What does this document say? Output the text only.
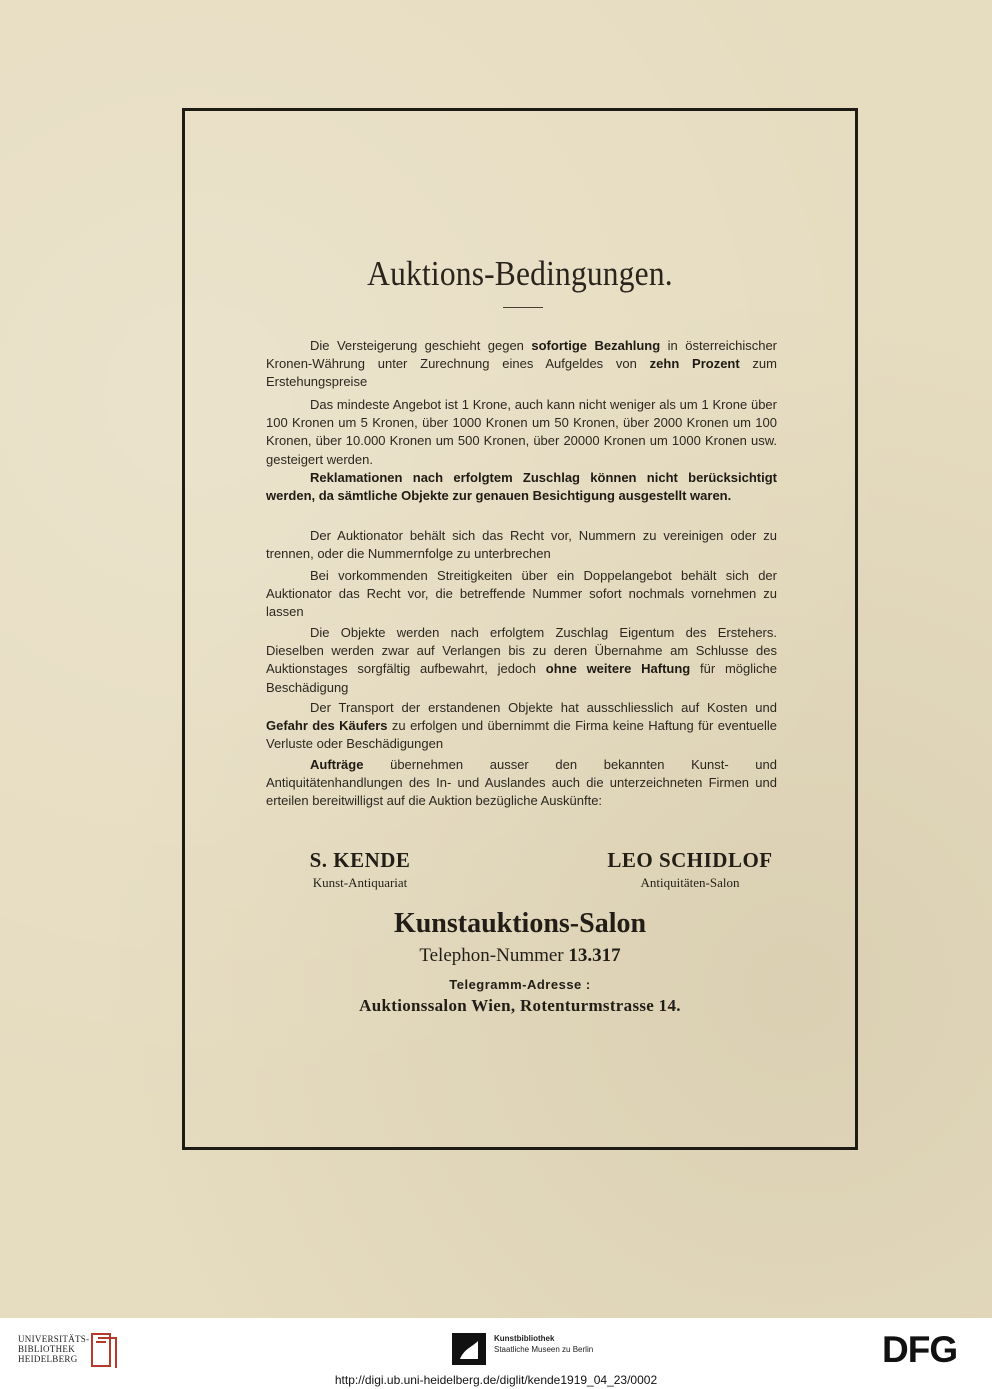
Auktions-Bedingungen.

Die Versteigerung geschieht gegen sofortige Bezahlung in österreichischer Kronen-Währung unter Zurechnung eines Aufgeldes von zehn Prozent zum Erstehungspreise

Das mindeste Angebot ist 1 Krone, auch kann nicht weniger als um 1 Krone über 100 Kronen um 5 Kronen, über 1000 Kronen um 50 Kronen, über 2000 Kronen um 100 Kronen, über 10.000 Kronen um 500 Kronen, über 20000 Kronen um 1000 Kronen usw. gesteigert werden.

Reklamationen nach erfolgtem Zuschlag können nicht berücksichtigt werden, da sämtliche Objekte zur genauen Besichtigung ausgestellt waren.

Der Auktionator behält sich das Recht vor, Nummern zu vereinigen oder zu trennen, oder die Nummernfolge zu unterbrechen

Bei vorkommenden Streitigkeiten über ein Doppelangebot behält sich der Auktionator das Recht vor, die betreffende Nummer sofort nochmals vornehmen zu lassen

Die Objekte werden nach erfolgtem Zuschlag Eigentum des Erstehers. Dieselben werden zwar auf Verlangen bis zu deren Übernahme am Schlusse des Auktionstages sorgfältig aufbewahrt, jedoch ohne weitere Haftung für mögliche Beschädigung

Der Transport der erstandenen Objekte hat ausschliesslich auf Kosten und Gefahr des Käufers zu erfolgen und übernimmt die Firma keine Haftung für eventuelle Verluste oder Beschädigungen

Aufträge übernehmen ausser den bekannten Kunst- und Antiquitätenhandlungen des In- und Auslandes auch die unterzeichneten Firmen und erteilen bereitwilligst auf die Auktion bezügliche Auskünfte:

S. KENDE
Kunst-Antiquariat
LEO SCHIDLOF
Antiquitäten-Salon
Kunstauktions-Salon
Telephon-Nummer 13.317
Telegramm-Adresse :
Auktionssalon Wien, Rotenturmstrasse 14.
UNIVERSITÄTS-
BIBLIOTHEK
HEIDELBERG
Kunstbibliothek
Staatliche Museen zu Berlin	DFG
http://digi.ub.uni-heidelberg.de/diglit/kende1919_04_23/0002
